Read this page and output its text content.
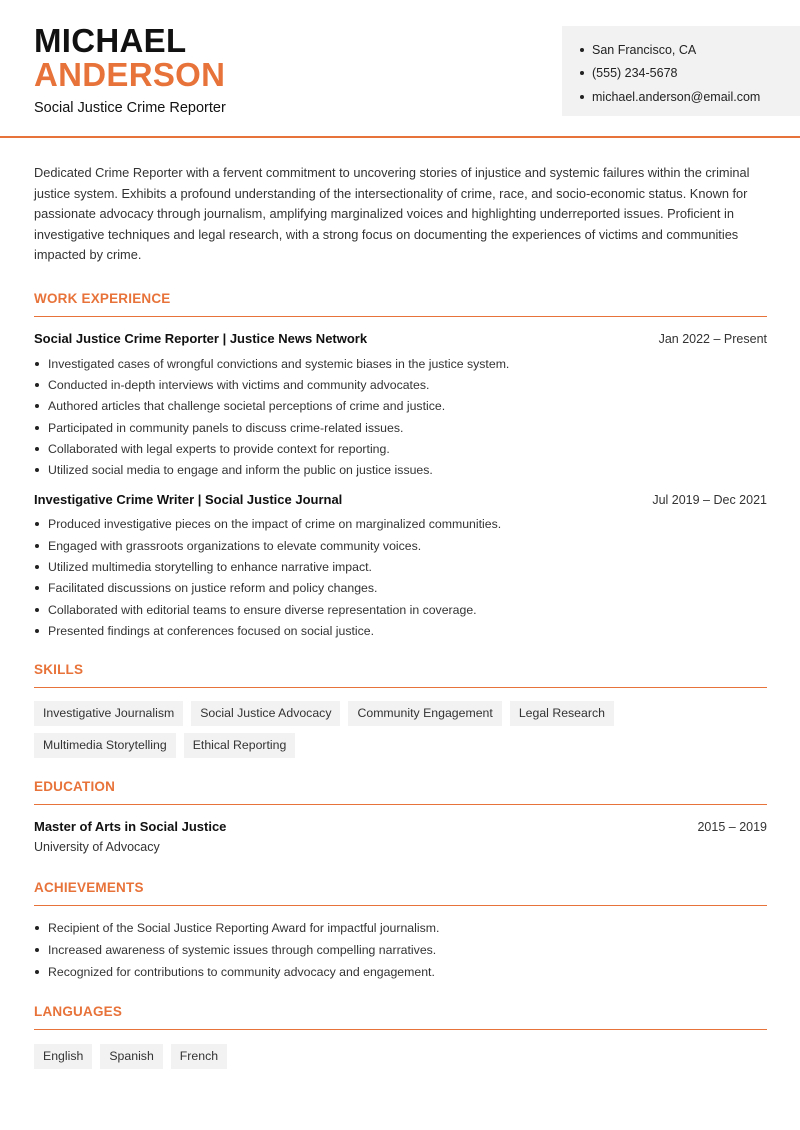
MICHAEL
ANDERSON
Social Justice Crime Reporter
San Francisco, CA
(555) 234-5678
michael.anderson@email.com

Dedicated Crime Reporter with a fervent commitment to uncovering stories of injustice and systemic failures within the criminal justice system. Exhibits a profound understanding of the intersectionality of crime, race, and socio-economic status. Known for passionate advocacy through journalism, amplifying marginalized voices and highlighting underreported issues. Proficient in investigative techniques and legal research, with a strong focus on documenting the experiences of victims and communities impacted by crime.

WORK EXPERIENCE
Social Justice Crime Reporter | Justice News Network	Jan 2022 – Present
Investigated cases of wrongful convictions and systemic biases in the justice system.
Conducted in-depth interviews with victims and community advocates.
Authored articles that challenge societal perceptions of crime and justice.
Participated in community panels to discuss crime-related issues.
Collaborated with legal experts to provide context for reporting.
Utilized social media to engage and inform the public on justice issues.
Investigative Crime Writer | Social Justice Journal	Jul 2019 – Dec 2021
Produced investigative pieces on the impact of crime on marginalized communities.
Engaged with grassroots organizations to elevate community voices.
Utilized multimedia storytelling to enhance narrative impact.
Facilitated discussions on justice reform and policy changes.
Collaborated with editorial teams to ensure diverse representation in coverage.
Presented findings at conferences focused on social justice.
SKILLS
Investigative Journalism	Social Justice Advocacy	Community Engagement	Legal Research
Multimedia Storytelling	Ethical Reporting
EDUCATION
Master of Arts in Social Justice	2015 – 2019
University of Advocacy
ACHIEVEMENTS
Recipient of the Social Justice Reporting Award for impactful journalism.
Increased awareness of systemic issues through compelling narratives.
Recognized for contributions to community advocacy and engagement.
LANGUAGES
English	Spanish	French
